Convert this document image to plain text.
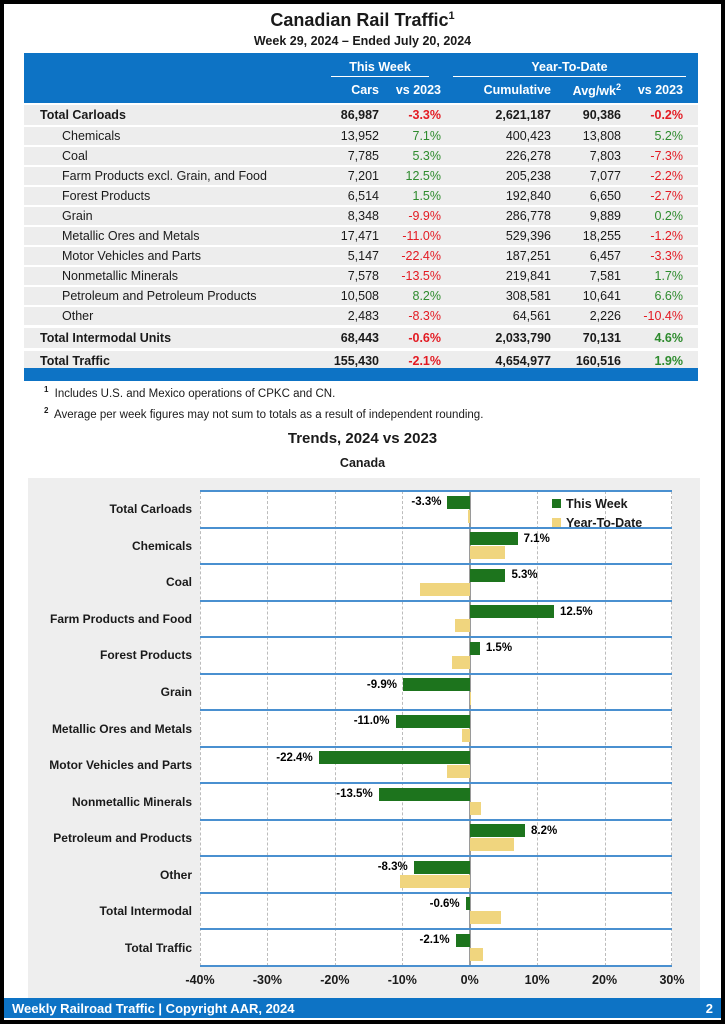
Canadian Rail Traffic$^1$
Week 29, 2024 – Ended July 20, 2024
This Week	Year-To-Date
Cars	vs 2023	Cumulative	Avg/$wk^2$	vs 2023
Total Carloads	86,987	-3.3%	2,621,187	90,386	-0.2%
Chemicals	13,952	7.1%	400,423	13,808	5.2%
Coal	7,785	5.3%	226,278	7,803	-7.3%
Farm Products excl. Grain, and Food	7,201	12.5%	205,238	7,077	-2.2%
Forest Products	6,514	1.5%	192,840	6,650	-2.7%
Grain	8,348	-9.9%	286,778	9,889	0.2%
Metallic Ores and Metals	17,471	-11.0%	529,396	18,255	-1.2%
Motor Vehicles and Parts	5,147	-22.4%	187,251	6,457	-3.3%
Nonmetallic Minerals	7,578	-13.5%	219,841	7,581	1.7%
Petroleum and Petroleum Products	10,508	8.2%	308,581	10,641	6.6%
Other	2,483	-8.3%	64,561	2,226	-10.4%
Total Intermodal Units	68,443	-0.6%	2,033,790	70,131	4.6%
Total Traffic	155,430	-2.1%	4,654,977	160,516	1.9%
$^1$ Includes U.S. and Mexico operations of CPKC and CN.
$^2$ Average per week figures may not sum to totals as a result of independent rounding.
Trends, 2024 vs 2023
Canada
This Week
Year-To-Date
-3.3%
7.1%
5.3%
12.5%
1.5%
-9.9%
-11.0%
-22.4%
-13.5%
8.2%
-8.3%
-0.6%
-2.1%
Total Carloads
Chemicals
Coal
Farm Products and Food
Forest Products
Grain
Metallic Ores and Metals
Motor Vehicles and Parts
Nonmetallic Minerals
Petroleum and Products
Other
Total Intermodal
Total Traffic
-40%	-30%	-20%	-10%	0%	10%	20%	30%
Weekly Railroad Traffic | Copyright AAR, 2024	2
